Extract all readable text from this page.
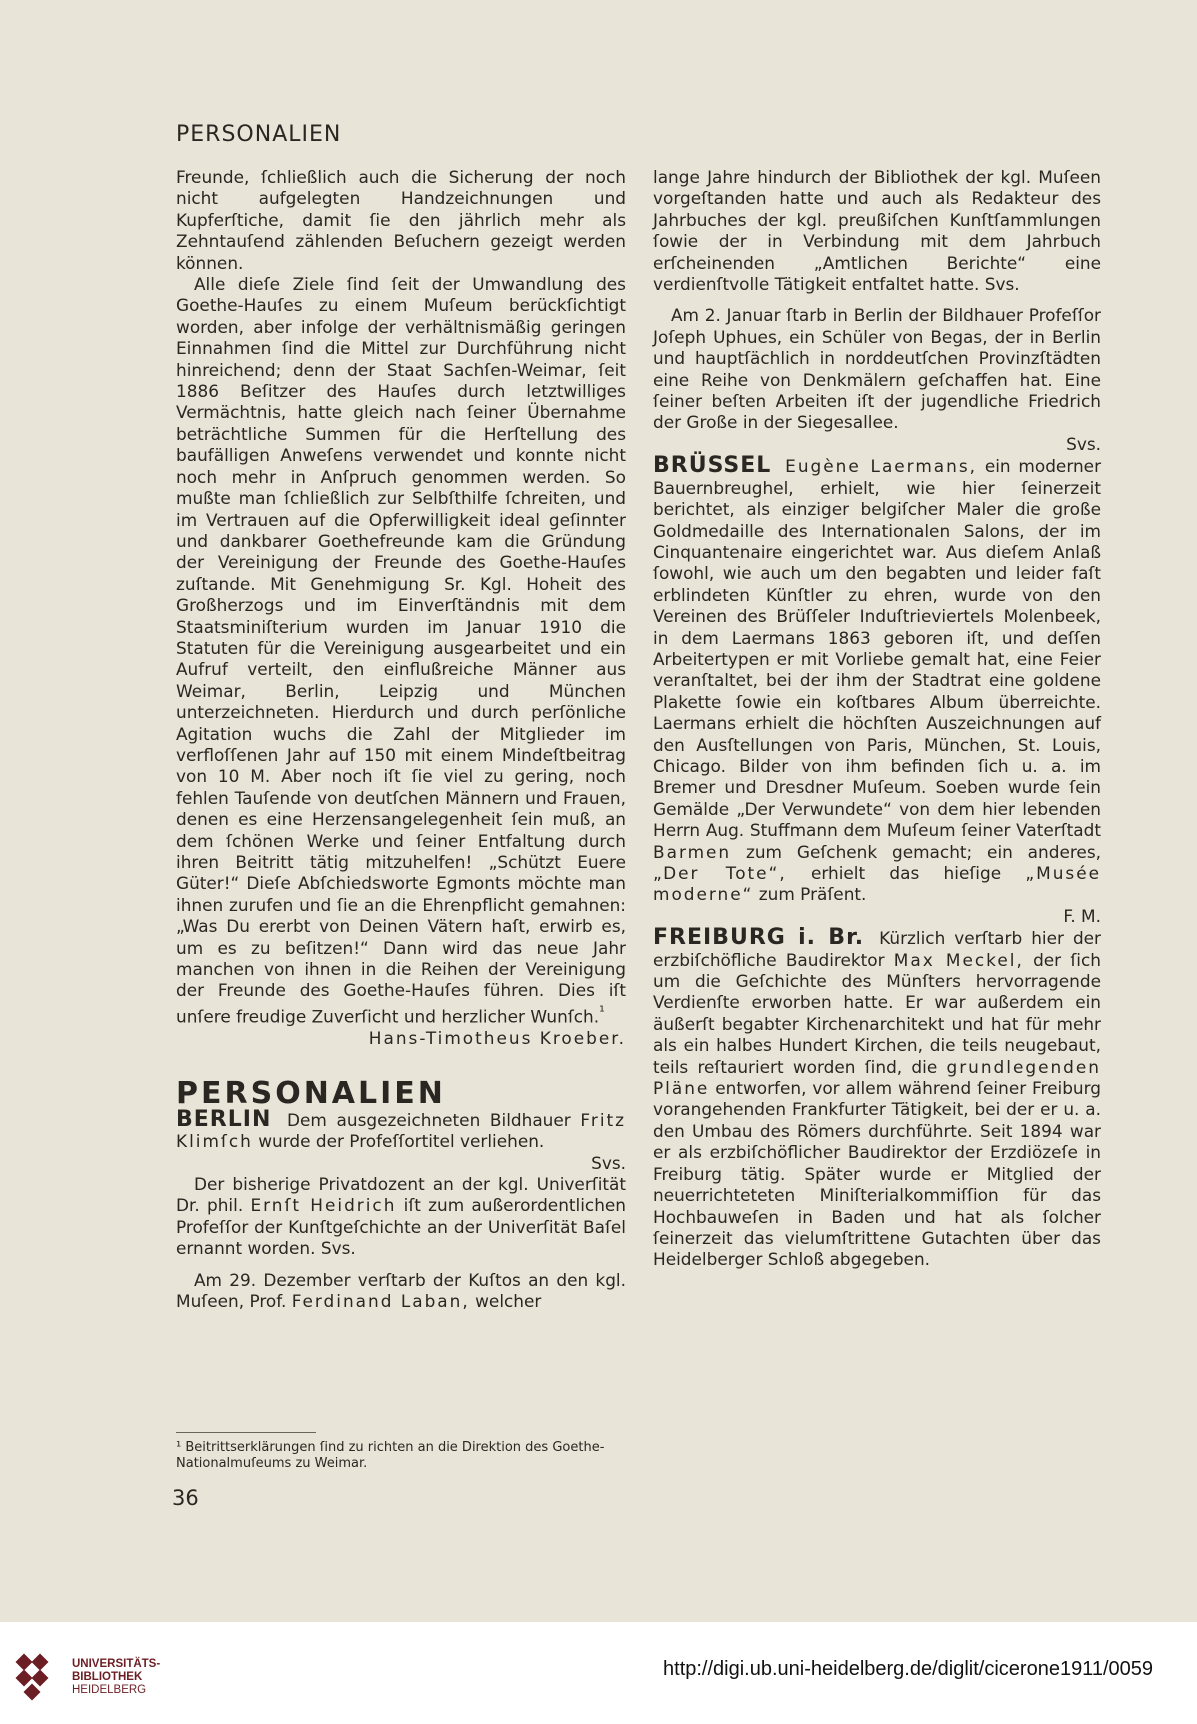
PERSONALIEN

Freunde, ſchließlich auch die Sicherung der noch nicht aufgelegten Handzeichnungen und Kupferſtiche, damit ſie den jährlich mehr als Zehntauſend zählenden Beſuchern gezeigt werden können.

Alle dieſe Ziele ſind ſeit der Umwandlung des Goethe-Hauſes zu einem Muſeum berückſichtigt worden, aber infolge der verhältnismäßig geringen Einnahmen ſind die Mittel zur Durchführung nicht hinreichend; denn der Staat Sachſen-Weimar, ſeit 1886 Beſitzer des Hauſes durch letztwilliges Vermächtnis, hatte gleich nach ſeiner Übernahme beträchtliche Summen für die Herſtellung des baufälligen Anweſens verwendet und konnte nicht noch mehr in Anſpruch genommen werden. So mußte man ſchließlich zur Selbſthilfe ſchreiten, und im Vertrauen auf die Opferwilligkeit ideal geſinnter und dankbarer Goethefreunde kam die Gründung der Vereinigung der Freunde des Goethe-Hauſes zuſtande. Mit Genehmigung Sr. Kgl. Hoheit des Großherzogs und im Einverſtändnis mit dem Staatsminiſterium wurden im Januar 1910 die Statuten für die Vereinigung ausgearbeitet und ein Aufruf verteilt, den einflußreiche Männer aus Weimar, Berlin, Leipzig und München unterzeichneten. Hierdurch und durch perſönliche Agitation wuchs die Zahl der Mitglieder im verfloſſenen Jahr auf 150 mit einem Mindeſtbeitrag von 10 M. Aber noch iſt ſie viel zu gering, noch fehlen Tauſende von deutſchen Männern und Frauen, denen es eine Herzensangelegenheit ſein muß, an dem ſchönen Werke und ſeiner Entfaltung durch ihren Beitritt tätig mitzuhelfen! „Schützt Euere Güter!“ Dieſe Abſchiedsworte Egmonts möchte man ihnen zurufen und ſie an die Ehrenpflicht gemahnen: „Was Du ererbt von Deinen Vätern haſt, erwirb es, um es zu beſitzen!“ Dann wird das neue Jahr manchen von ihnen in die Reihen der Vereinigung der Freunde des Goethe-Hauſes führen. Dies iſt unſere freudige Zuverſicht und herzlicher Wunſch.$^{^1}$

Hans-Timotheus Kroeber.

PERSONALIEN

BERLIN Dem ausgezeichneten Bildhauer Fritz Klimſch wurde der Profeſſortitel verliehen.

Svs.

Der bisherige Privatdozent an der kgl. Univerſität Dr. phil. Ernſt Heidrich iſt zum außerordentlichen Profeſſor der Kunſtgeſchichte an der Univerſität Baſel ernannt worden. Svs.

Am 29. Dezember verſtarb der Kuſtos an den kgl. Muſeen, Prof. Ferdinand Laban, welcher

¹ Beitrittserklärungen ſind zu richten an die Direktion des Goethe-Nationalmuſeums zu Weimar.
36

lange Jahre hindurch der Bibliothek der kgl. Muſeen vorgeſtanden hatte und auch als Redakteur des Jahrbuches der kgl. preußiſchen Kunſtſammlungen ſowie der in Verbindung mit dem Jahrbuch erſcheinenden „Amtlichen Berichte“ eine verdienſtvolle Tätigkeit entfaltet hatte. Svs.

Am 2. Januar ſtarb in Berlin der Bildhauer Profeſſor Joſeph Uphues, ein Schüler von Begas, der in Berlin und hauptſächlich in norddeutſchen Provinzſtädten eine Reihe von Denkmälern geſchaffen hat. Eine ſeiner beſten Arbeiten iſt der jugendliche Friedrich der Große in der Siegesallee.

Svs.

BRÜSSEL Eugène Laermans, ein moderner Bauernbreughel, erhielt, wie hier ſeinerzeit berichtet, als einziger belgiſcher Maler die große Goldmedaille des Internationalen Salons, der im Cinquantenaire eingerichtet war. Aus dieſem Anlaß ſowohl, wie auch um den begabten und leider faſt erblindeten Künſtler zu ehren, wurde von den Vereinen des Brüſſeler Induſtrieviertels Molenbeek, in dem Laermans 1863 geboren iſt, und deſſen Arbeitertypen er mit Vorliebe gemalt hat, eine Feier veranſtaltet, bei der ihm der Stadtrat eine goldene Plakette ſowie ein koſtbares Album überreichte. Laermans erhielt die höchſten Auszeichnungen auf den Ausſtellungen von Paris, München, St. Louis, Chicago. Bilder von ihm befinden ſich u. a. im Bremer und Dresdner Muſeum. Soeben wurde ſein Gemälde „Der Verwundete“ von dem hier lebenden Herrn Aug. Stuffmann dem Muſeum ſeiner Vaterſtadt Barmen zum Geſchenk gemacht; ein anderes, „Der Tote“, erhielt das hieſige „Musée moderne“ zum Präſent.

F. M.

FREIBURG i. Br. Kürzlich verſtarb hier der erzbiſchöfliche Baudirektor Max Meckel, der ſich um die Geſchichte des Münſters hervorragende Verdienſte erworben hatte. Er war außerdem ein äußerſt begabter Kirchenarchitekt und hat für mehr als ein halbes Hundert Kirchen, die teils neugebaut, teils reſtauriert worden ſind, die grundlegenden Pläne entworfen, vor allem während ſeiner Freiburg vorangehenden Frankfurter Tätigkeit, bei der er u. a. den Umbau des Römers durchführte. Seit 1894 war er als erzbiſchöflicher Baudirektor der Erzdiözeſe in Freiburg tätig. Später wurde er Mitglied der neuerrichteteten Miniſterialkommiſſion für das Hochbauweſen in Baden und hat als ſolcher ſeinerzeit das vielumſtrittene Gutachten über das Heidelberger Schloß abgegeben.

UNIVERSITÄTS-
BIBLIOTHEK
HEIDELBERG
http://digi.ub.uni-heidelberg.de/diglit/cicerone1911/0059
